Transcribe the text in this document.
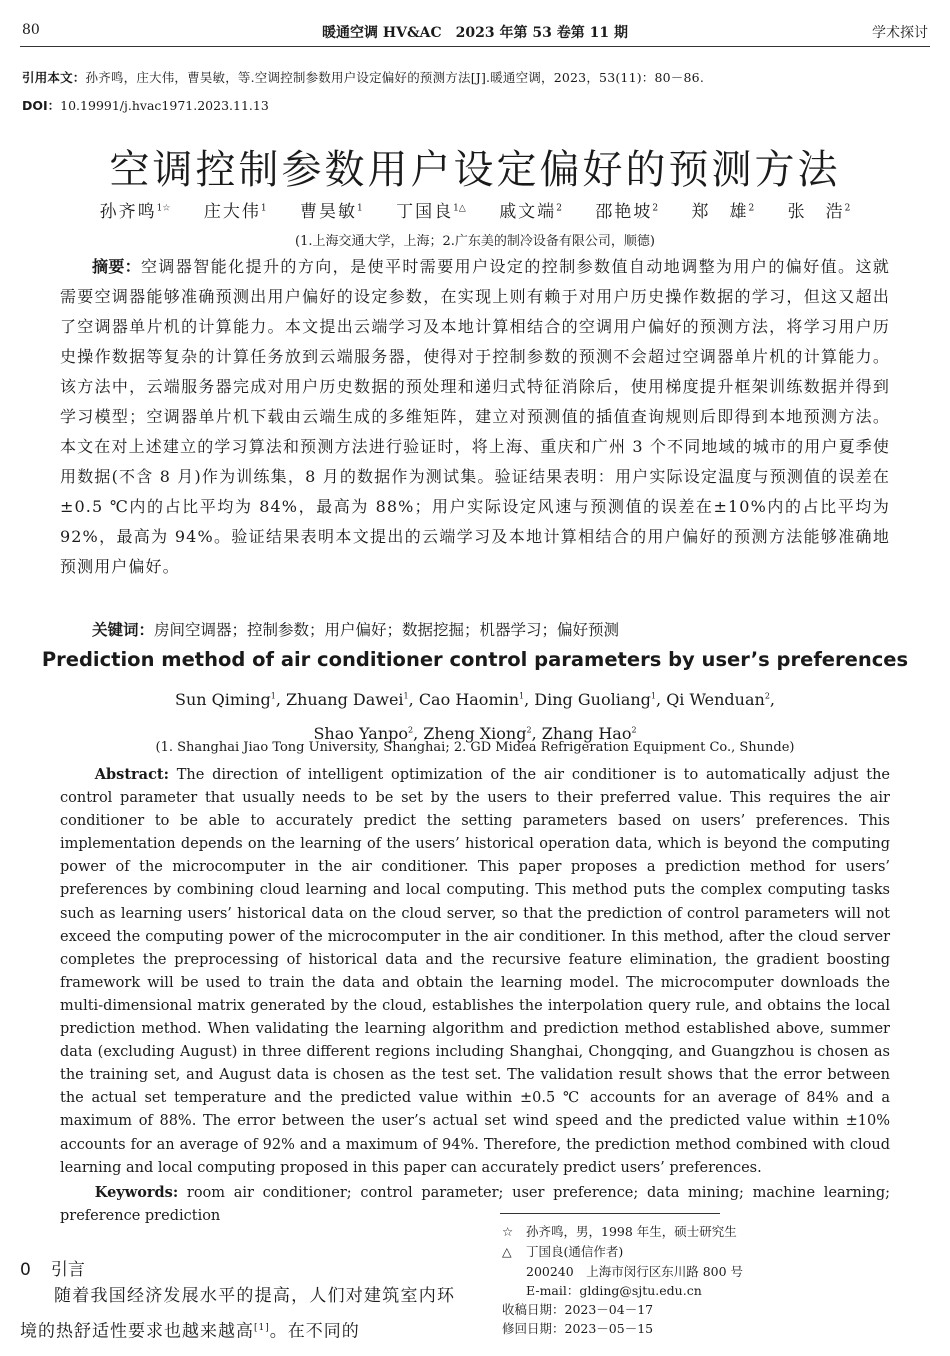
80	暖通空调 HV&AC　2023 年第 53 卷第 11 期	学术探讨
引用本文：孙齐鸣，庄大伟，曹昊敏，等.空调控制参数用户设定偏好的预测方法[J].暖通空调，2023，53(11)：80－86.
DOI：10.19991/j.hvac1971.2023.11.13
空调控制参数用户设定偏好的预测方法
孙齐鸣$^{1☆}$ 庄大伟$^1$ 曹昊敏$^1$ 丁国良$^{1\triangle}$ 戚文端$^2$ 邵艳坡$^2$ 郑　雄$^2$ 张　浩$^2$
(1.上海交通大学，上海；2.广东美的制冷设备有限公司，顺德)
摘要：空调器智能化提升的方向，是使平时需要用户设定的控制参数值自动地调整为用户的偏好值。这就需要空调器能够准确预测出用户偏好的设定参数，在实现上则有赖于对用户历史操作数据的学习，但这又超出了空调器单片机的计算能力。本文提出云端学习及本地计算相结合的空调用户偏好的预测方法，将学习用户历史操作数据等复杂的计算任务放到云端服务器，使得对于控制参数的预测不会超过空调器单片机的计算能力。该方法中，云端服务器完成对用户历史数据的预处理和递归式特征消除后，使用梯度提升框架训练数据并得到学习模型；空调器单片机下载由云端生成的多维矩阵，建立对预测值的插值查询规则后即得到本地预测方法。本文在对上述建立的学习算法和预测方法进行验证时，将上海、重庆和广州 3 个不同地域的城市的用户夏季使用数据(不含 8 月)作为训练集，8 月的数据作为测试集。验证结果表明：用户实际设定温度与预测值的误差在±0.5 ℃内的占比平均为 84%，最高为 88%；用户实际设定风速与预测值的误差在±10%内的占比平均为 92%，最高为 94%。验证结果表明本文提出的云端学习及本地计算相结合的用户偏好的预测方法能够准确地预测用户偏好。
关键词：房间空调器；控制参数；用户偏好；数据挖掘；机器学习；偏好预测
Prediction method of air conditioner control parameters by user’s preferences
Sun Qiming$^1$, Zhuang Dawei$^1$, Cao Haomin$^1$, Ding Guoliang$^1$, Qi Wenduan$^2$,
Shao Yanpo$^2$, Zheng Xiong$^2$, Zhang Hao$^2$
(1. Shanghai Jiao Tong University, Shanghai; 2. GD Midea Refrigeration Equipment Co., Shunde)
Abstract: The direction of intelligent optimization of the air conditioner is to automatically adjust the control parameter that usually needs to be set by the users to their preferred value. This requires the air conditioner to be able to accurately predict the setting parameters based on users’ preferences. This implementation depends on the learning of the users’ historical operation data, which is beyond the computing power of the microcomputer in the air conditioner. This paper proposes a prediction method for users’ preferences by combining cloud learning and local computing. This method puts the complex computing tasks such as learning users’ historical data on the cloud server, so that the prediction of control parameters will not exceed the computing power of the microcomputer in the air conditioner. In this method, after the cloud server completes the preprocessing of historical data and the recursive feature elimination, the gradient boosting framework will be used to train the data and obtain the learning model. The microcomputer downloads the multi-dimensional matrix generated by the cloud, establishes the interpolation query rule, and obtains the local prediction method. When validating the learning algorithm and prediction method established above, summer data (excluding August) in three different regions including Shanghai, Chongqing, and Guangzhou is chosen as the training set, and August data is chosen as the test set. The validation result shows that the error between the actual set temperature and the predicted value within ±0.5 ℃ accounts for an average of 84% and a maximum of 88%. The error between the user’s actual set wind speed and the predicted value within ±10% accounts for an average of 92% and a maximum of 94%. Therefore, the prediction method combined with cloud learning and local computing proposed in this paper can accurately predict users’ preferences.
Keywords: room air conditioner; control parameter; user preference; data mining; machine learning; preference prediction
0 引言
随着我国经济发展水平的提高，人们对建筑室内环境的热舒适性要求也越来越高[1]。在不同的
☆ 孙齐鸣，男，1998 年生，硕士研究生
△ 丁国良(通信作者)
200240　上海市闵行区东川路 800 号
E-mail：glding@sjtu.edu.cn
收稿日期：2023－04－17
修回日期：2023－05－15
